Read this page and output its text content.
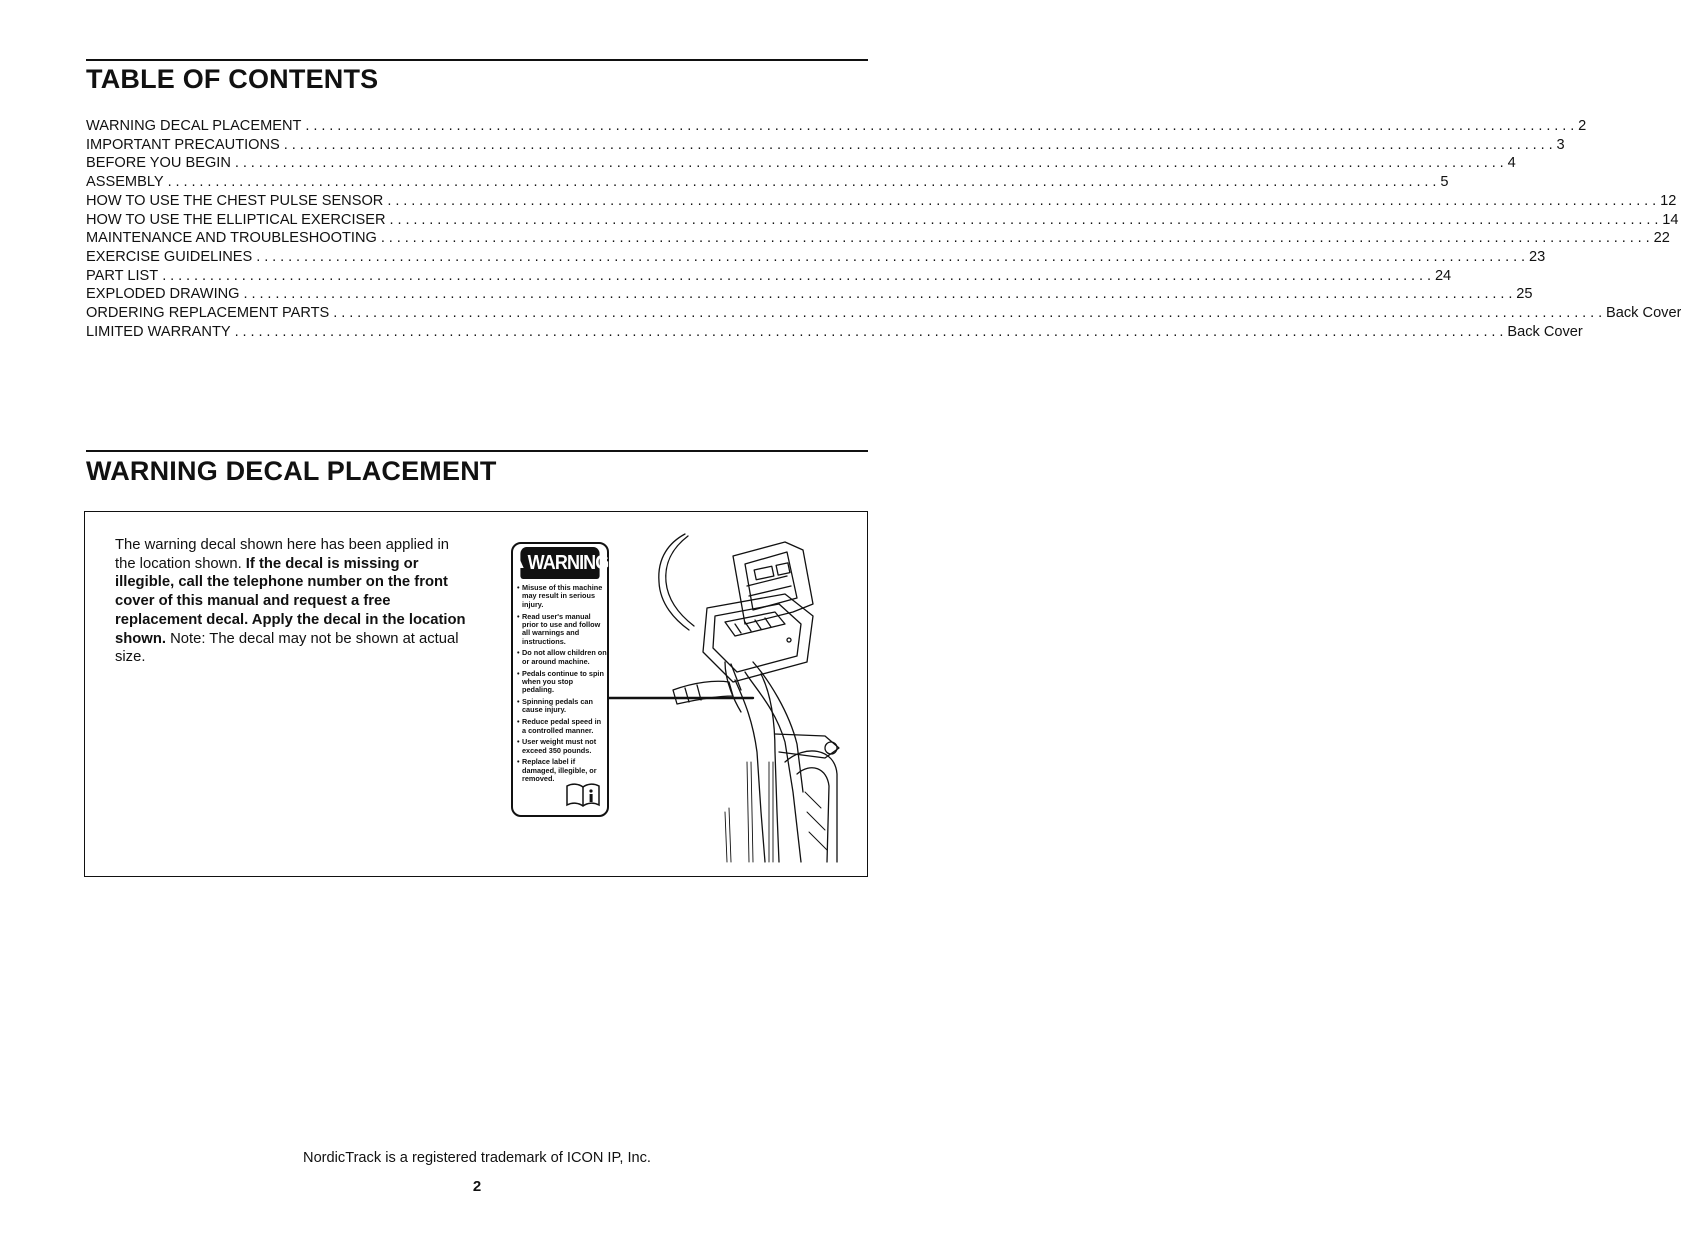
TABLE OF CONTENTS
WARNING DECAL PLACEMENT ................................................................................................................................................................ 2
IMPORTANT PRECAUTIONS ................................................................................................................................................................ 3
BEFORE YOU BEGIN ................................................................................................................................................................ 4
ASSEMBLY ................................................................................................................................................................ 5
HOW TO USE THE CHEST PULSE SENSOR ................................................................................................................................................................ 12
HOW TO USE THE ELLIPTICAL EXERCISER ................................................................................................................................................................ 14
MAINTENANCE AND TROUBLESHOOTING ................................................................................................................................................................ 22
EXERCISE GUIDELINES ................................................................................................................................................................ 23
PART LIST ................................................................................................................................................................ 24
EXPLODED DRAWING ................................................................................................................................................................ 25
ORDERING REPLACEMENT PARTS ................................................................................................................................................................ Back Cover
LIMITED WARRANTY ................................................................................................................................................................ Back Cover
WARNING DECAL PLACEMENT
The warning decal shown here has been applied in the location shown. If the decal is missing or illegible, call the telephone number on the front cover of this manual and request a free replacement decal. Apply the decal in the location shown. Note: The decal may not be shown at actual size.
▲ WARNING
• Misuse of this machine may result in serious injury.
• Read user's manual prior to use and follow all warnings and instructions.
• Do not allow children on or around machine.
• Pedals continue to spin when you stop pedaling.
• Spinning pedals can cause injury.
• Reduce pedal speed in a controlled manner.
• User weight must not exceed 350 pounds.
• Replace label if damaged, illegible, or removed.
NordicTrack is a registered trademark of ICON IP, Inc.
2
